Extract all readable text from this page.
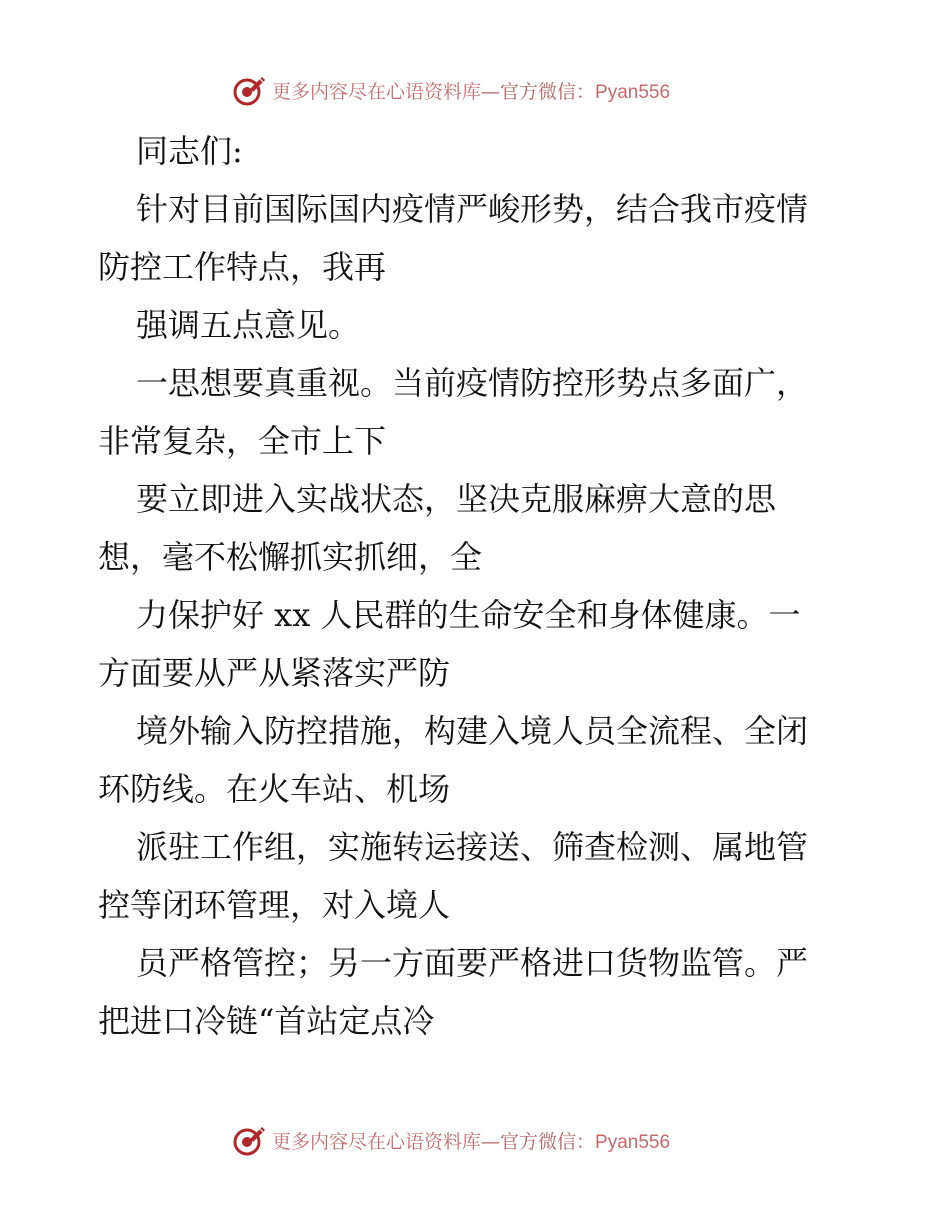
更多内容尽在心语资料库—官方微信：Pyan556
同志们:
针对目前国际国内疫情严峻形势，结合我市疫情
防控工作特点，我再
强调五点意见。
一思想要真重视。当前疫情防控形势点多面广，
非常复杂，全市上下
要立即进入实战状态，坚决克服麻痹大意的思
想，毫不松懈抓实抓细，全
力保护好 xx 人民群的生命安全和身体健康。一
方面要从严从紧落实严防
境外输入防控措施，构建入境人员全流程、全闭
环防线。在火车站、机场
派驻工作组，实施转运接送、筛查检测、属地管
控等闭环管理，对入境人
员严格管控；另一方面要严格进口货物监管。严
把进口冷链“首站定点冷
更多内容尽在心语资料库—官方微信：Pyan556
